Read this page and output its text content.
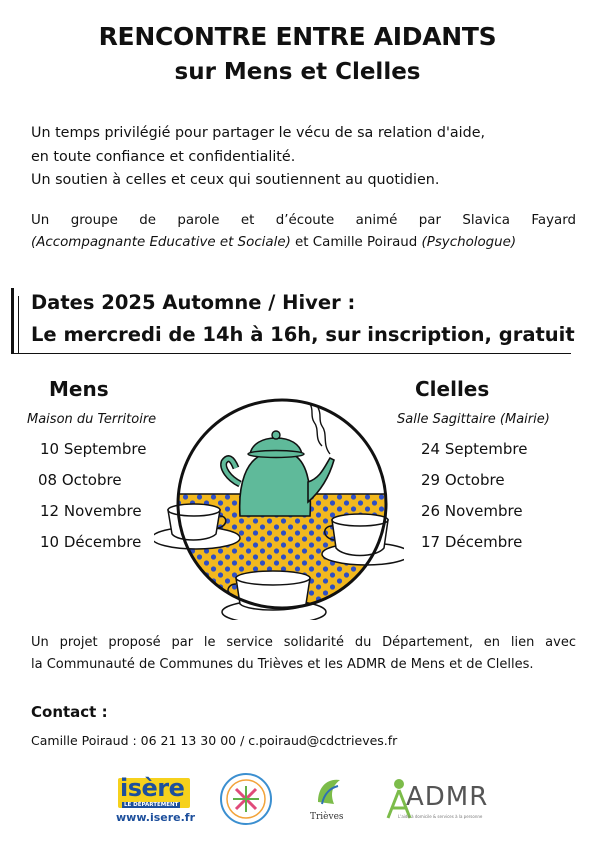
RENCONTRE ENTRE AIDANTS
sur Mens et Clelles
Un temps privilégié pour partager le vécu de sa relation d'aide,
en toute confiance et confidentialité.
Un soutien à celles et ceux qui soutiennent au quotidien.
Un groupe de parole et d’écoute animé par Slavica Fayard
(Accompagnante Educative et Sociale) et Camille Poiraud (Psychologue)
Dates 2025 Automne / Hiver :
Le mercredi de 14h à 16h, sur inscription, gratuit
Mens
Maison du Territoire
10 Septembre
08 Octobre
12 Novembre
10 Décembre
Clelles
Salle Sagittaire (Mairie)
24 Septembre
29 Octobre
26 Novembre
17 Décembre
Un projet proposé par le service solidarité du Département, en lien avec
la Communauté de Communes du Trièves et les ADMR de Mens et de Clelles.
Contact :
Camille Poiraud : 06 21 13 30 00 / c.poiraud@cdctrieves.fr
isère
LE DÉPARTEMENT
www.isere.fr	Trièves
ADMR
L'aide à domicile & services à la personne
